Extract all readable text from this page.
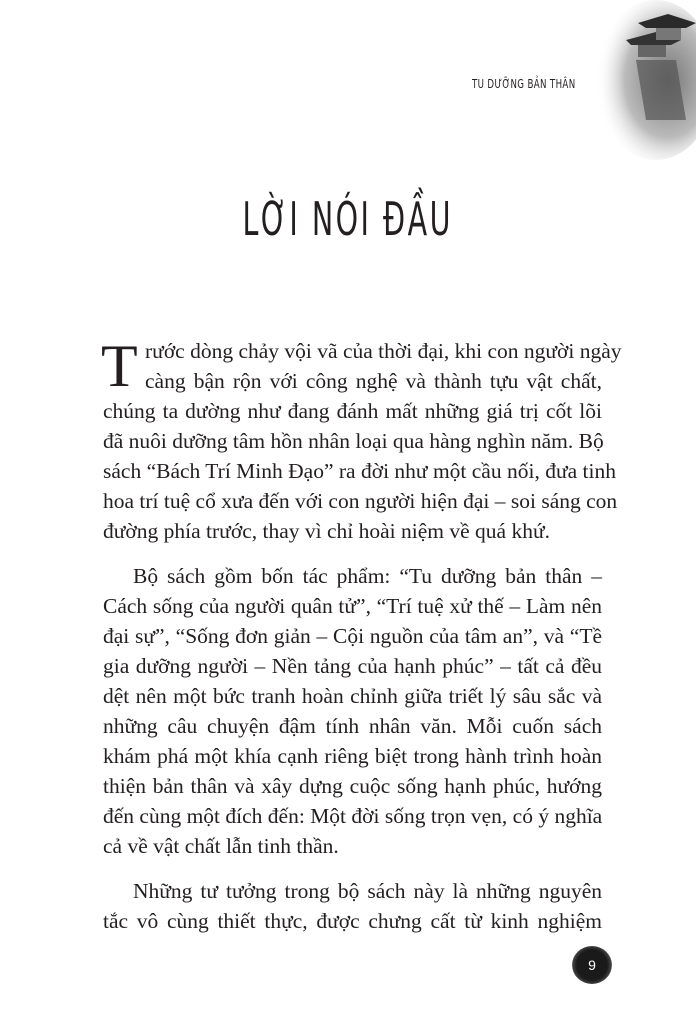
TU DƯỠNG BẢN THÂN
LỜI NÓI ĐẦU
T rước dòng chảy vội vã của thời đại, khi con người ngày
càng bận rộn với công nghệ và thành tựu vật chất,
chúng ta dường như đang đánh mất những giá trị cốt lõi
đã nuôi dưỡng tâm hồn nhân loại qua hàng nghìn năm. Bộ
sách “Bách Trí Minh Đạo” ra đời như một cầu nối, đưa tinh
hoa trí tuệ cổ xưa đến với con người hiện đại – soi sáng con
đường phía trước, thay vì chỉ hoài niệm về quá khứ.
Bộ sách gồm bốn tác phẩm: “Tu dưỡng bản thân –
Cách sống của người quân tử”, “Trí tuệ xử thế – Làm nên
đại sự”, “Sống đơn giản – Cội nguồn của tâm an”, và “Tề
gia dưỡng người – Nền tảng của hạnh phúc” – tất cả đều
dệt nên một bức tranh hoàn chỉnh giữa triết lý sâu sắc và
những câu chuyện đậm tính nhân văn. Mỗi cuốn sách
khám phá một khía cạnh riêng biệt trong hành trình hoàn
thiện bản thân và xây dựng cuộc sống hạnh phúc, hướng
đến cùng một đích đến: Một đời sống trọn vẹn, có ý nghĩa
cả về vật chất lẫn tinh thần.
Những tư tưởng trong bộ sách này là những nguyên
tắc vô cùng thiết thực, được chưng cất từ kinh nghiệm
9
